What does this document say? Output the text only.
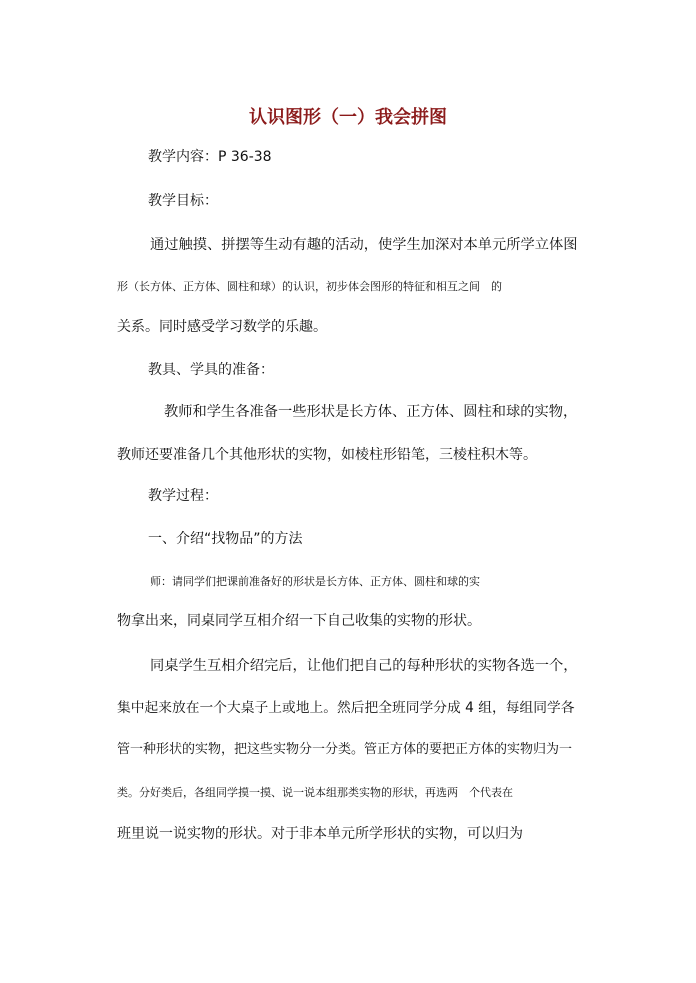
认识图形（一）我会拼图
教学内容：P 36-38
教学目标：
通过触摸、拼摆等生动有趣的活动，使学生加深对本单元所学立体图
形（长方体、正方体、圆柱和球）的认识，初步体会图形的特征和相互之间　的
关系。同时感受学习数学的乐趣。
教具、学具的准备：
教师和学生各准备一些形状是长方体、正方体、圆柱和球的实物，
教师还要准备几个其他形状的实物，如棱柱形铅笔，三棱柱积木等。
教学过程：
一、介绍“找物品”的方法
师：请同学们把课前准备好的形状是长方体、正方体、圆柱和球的实
物拿出来，同桌同学互相介绍一下自己收集的实物的形状。
同桌学生互相介绍完后，让他们把自己的每种形状的实物各选一个，
集中起来放在一个大桌子上或地上。然后把全班同学分成 4 组，每组同学各
管一种形状的实物，把这些实物分一分类。管正方体的要把正方体的实物归为一
类。分好类后，各组同学摸一摸、说一说本组那类实物的形状，再选两　个代表在
班里说一说实物的形状。对于非本单元所学形状的实物，可以归为
